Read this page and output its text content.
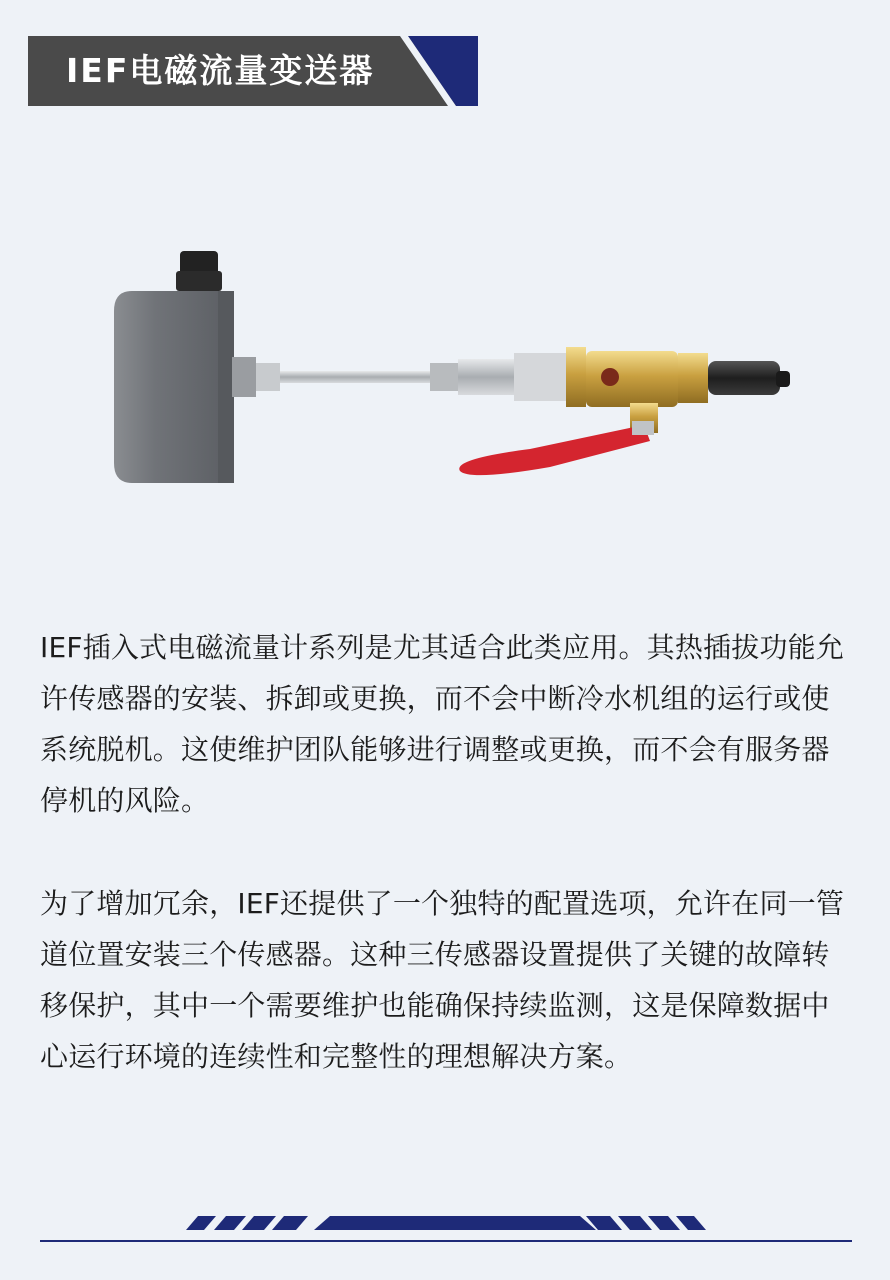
IEF电磁流量变送器

IEF插入式电磁流量计系列是尤其适合此类应用。其热插拔功能允许传感器的安装、拆卸或更换，而不会中断冷水机组的运行或使系统脱机。这使维护团队能够进行调整或更换，而不会有服务器停机的风险。

为了增加冗余，IEF还提供了一个独特的配置选项，允许在同一管道位置安装三个传感器。这种三传感器设置提供了关键的故障转移保护，其中一个需要维护也能确保持续监测，这是保障数据中心运行环境的连续性和完整性的理想解决方案。
